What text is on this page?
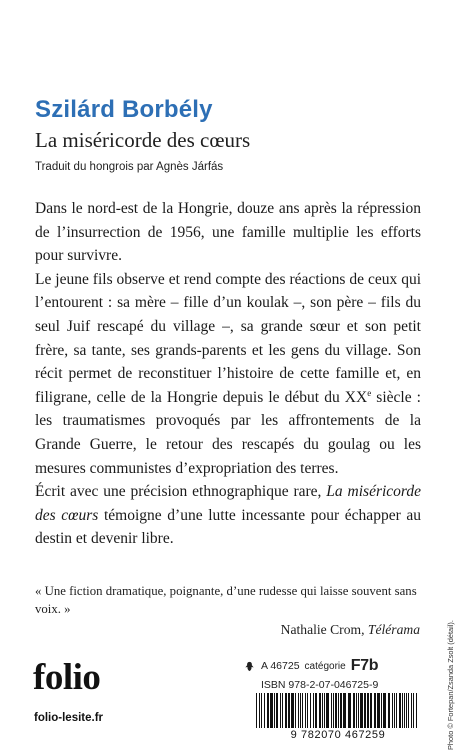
Szilárd Borbély
La miséricorde des cœurs
Traduit du hongrois par Agnès Járfás

Dans le nord-est de la Hongrie, douze ans après la répression de l’insurrection de 1956, une famille multiplie les efforts pour survivre.

Le jeune fils observe et rend compte des réactions de ceux qui l’entourent : sa mère – fille d’un koulak –, son père – fils du seul Juif rescapé du village –, sa grande sœur et son petit frère, sa tante, ses grands-parents et les gens du village. Son récit permet de reconstituer l’histoire de cette famille et, en filigrane, celle de la Hongrie depuis le début du XXe siècle : les traumatismes provoqués par les affrontements de la Grande Guerre, le retour des rescapés du goulag ou les mesures communistes d’expropriation des terres.

Écrit avec une précision ethnographique rare, La miséricorde des cœurs témoigne d’une lutte incessante pour échapper au destin et devenir libre.

« Une fiction dramatique, poignante, d’une rudesse qui laisse souvent sans voix. »
Nathalie Crom, Télérama
folio
folio-lesite.fr
A 46725 catégorie F7b
ISBN 978-2-07-046725-9
9 782070 467259	Photo © Fortepan/Zsanda Zsolt (détail).
